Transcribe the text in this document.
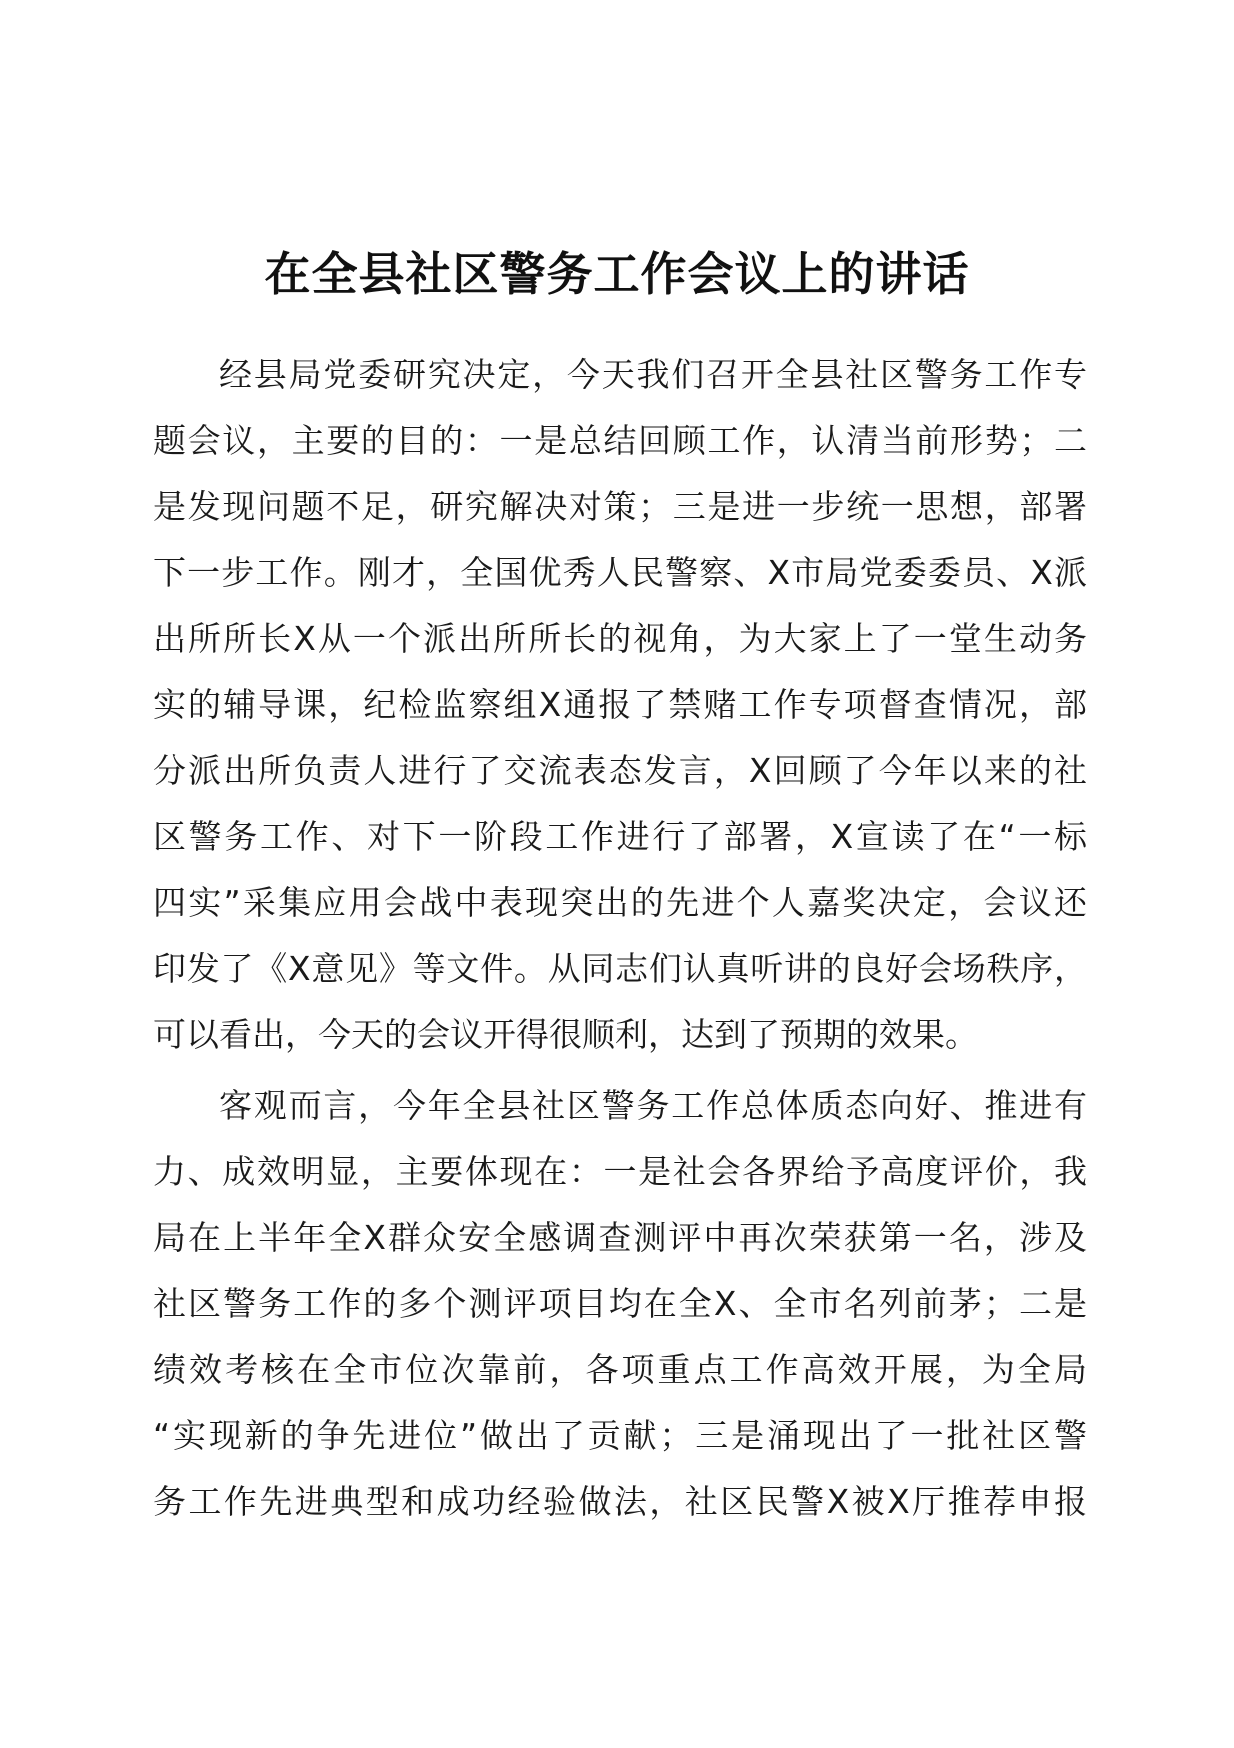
在全县社区警务工作会议上的讲话
经县局党委研究决定，今天我们召开全县社区警务工作专
题会议，主要的目的：一是总结回顾工作，认清当前形势；二
是发现问题不足，研究解决对策；三是进一步统一思想，部署
下一步工作。刚才，全国优秀人民警察、X市局党委委员、X派
出所所长X从一个派出所所长的视角，为大家上了一堂生动务
实的辅导课，纪检监察组X通报了禁赌工作专项督查情况，部
分派出所负责人进行了交流表态发言，X回顾了今年以来的社
区警务工作、对下一阶段工作进行了部署，X宣读了在“一标
四实”采集应用会战中表现突出的先进个人嘉奖决定，会议还
印发了《X意见》等文件。从同志们认真听讲的良好会场秩序，
可以看出，今天的会议开得很顺利，达到了预期的效果。
客观而言，今年全县社区警务工作总体质态向好、推进有
力、成效明显，主要体现在：一是社会各界给予高度评价，我
局在上半年全X群众安全感调查测评中再次荣获第一名，涉及
社区警务工作的多个测评项目均在全X、全市名列前茅；二是
绩效考核在全市位次靠前，各项重点工作高效开展，为全局
“实现新的争先进位”做出了贡献；三是涌现出了一批社区警
务工作先进典型和成功经验做法，社区民警X被X厅推荐申报
